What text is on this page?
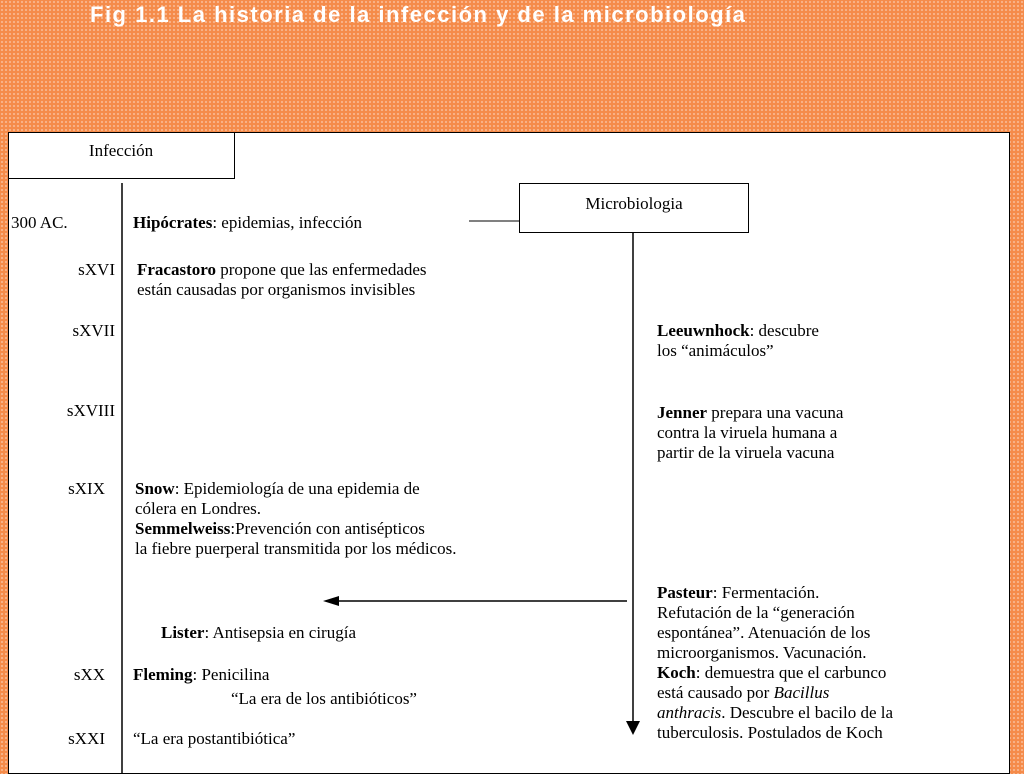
Fig 1.1 La historia de la infección y de la microbiología
Infección
Microbiologia
300 AC.	Hipócrates: epidemias, infección
sXVI Fracastoro propone que las enfermedades
están causadas por organismos invisibles
sXVII	Leeuwnhock: descubre
los “animáculos”
sXVIII	Jenner prepara una vacuna
contra la viruela humana a
partir de la viruela vacuna
sXIX Snow: Epidemiología de una epidemia de
cólera en Londres.
Semmelweiss:Prevención con antisépticos
la fiebre puerperal transmitida por los médicos.
Lister: Antisepsia en cirugía
Pasteur: Fermentación.
Refutación de la “generación
espontánea”. Atenuación de los
microorganismos. Vacunación.
Koch: demuestra que el carbunco
está causado por Bacillus
anthracis. Descubre el bacilo de la
tuberculosis. Postulados de Koch
sXX Fleming: Penicilina
“La era de los antibióticos”
sXXI “La era postantibiótica”
